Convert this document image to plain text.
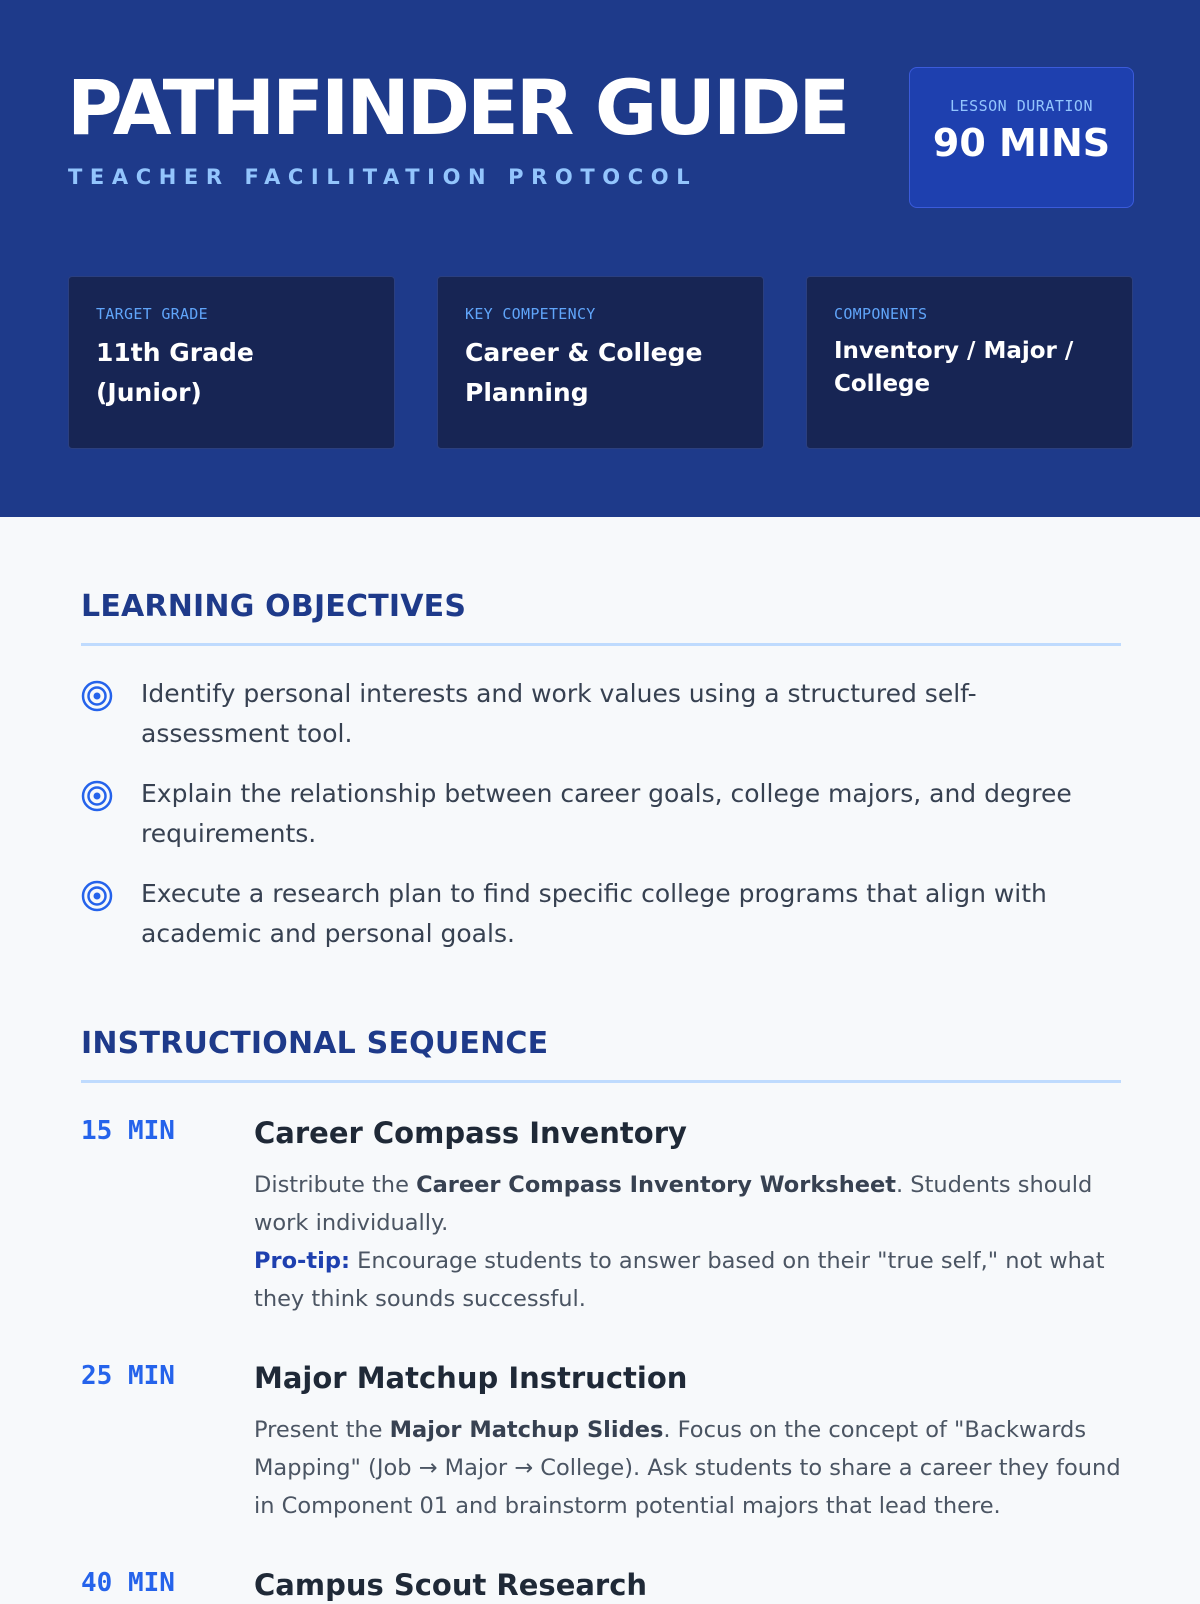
PATHFINDER GUIDE
TEACHER FACILITATION PROTOCOL
LESSON DURATION
90 MINS
TARGET GRADE
11th Grade (Junior)
KEY COMPETENCY
Career & College Planning
COMPONENTS
Inventory / Major / College
LEARNING OBJECTIVES
Identify personal interests and work values using a structured self-assessment tool.
Explain the relationship between career goals, college majors, and degree requirements.
Execute a research plan to find specific college programs that align with academic and personal goals.
INSTRUCTIONAL SEQUENCE
15 MIN	Career Compass Inventory
Distribute the Career Compass Inventory Worksheet. Students should work individually.
Pro-tip: Encourage students to answer based on their "true self," not what they think sounds successful.
25 MIN	Major Matchup Instruction
Present the Major Matchup Slides. Focus on the concept of "Backwards Mapping" (Job → Major → College). Ask students to share a career they found in Component 01 and brainstorm potential majors that lead there.
40 MIN	Campus Scout Research
